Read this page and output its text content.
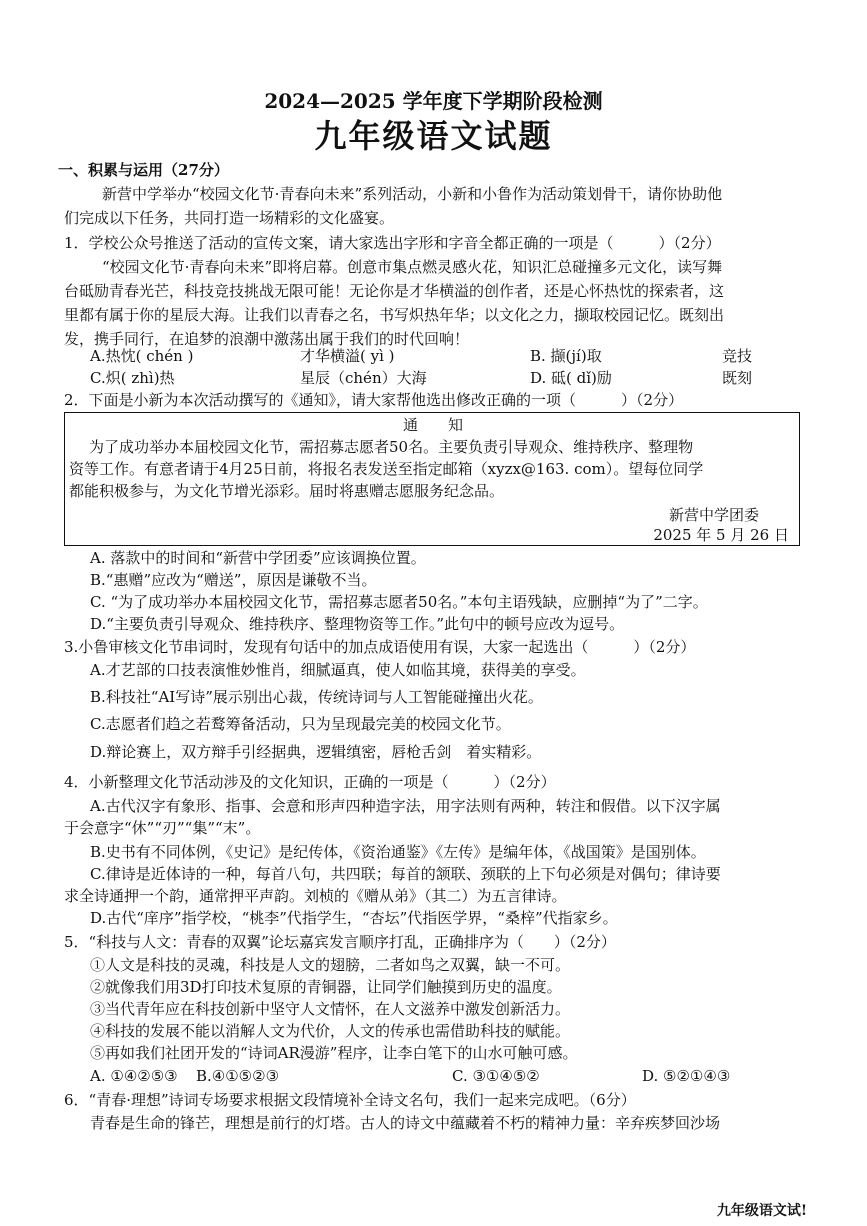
2024—2025 学年度下学期阶段检测
九年级语文试题
一、积累与运用（27分）
新营中学举办“校园文化节·青春向未来”系列活动，小新和小鲁作为活动策划骨干，请你协助他
们完成以下任务，共同打造一场精彩的文化盛宴。
1．学校公众号推送了活动的宣传文案，请大家选出字形和字音全都正确的一项是（　　　）（2分）
“校园文化节·青春向未来”即将启幕。创意市集点燃灵感火花，知识汇总碰撞多元文化，读写舞
台砥励青春光芒，科技竞技挑战无限可能！无论你是才华横溢的创作者，还是心怀热忱的探索者，这
里都有属于你的星辰大海。让我们以青春之名，书写炽热年华；以文化之力，撷取校园记忆。既刻出
发，携手同行，在追梦的浪潮中激荡出属于我们的时代回响！
A.热忱( chén )	才华横溢( yì )	B. 撷(jí)取	竞技
C.炽( zhì)热	星辰（chén）大海	D. 砥( dǐ)励	既刻
2．下面是小新为本次活动撰写的《通知》，请大家帮他选出修改正确的一项（　　　）（2分）
通　　知
为了成功举办本届校园文化节，需招募志愿者50名。主要负责引导观众、维持秩序、整理物
资等工作。有意者请于4月25日前，将报名表发送至指定邮箱（xyzx@163. com）。望每位同学
都能积极参与，为文化节增光添彩。届时将惠赠志愿服务纪念品。
新营中学团委
2025 年 5 月 26 日
A. 落款中的时间和“新营中学团委”应该调换位置。
B.“惠赠”应改为“赠送”，原因是谦敬不当。
C. “为了成功举办本届校园文化节，需招募志愿者50名。”本句主语残缺，应删掉“为了”二字。
D.“主要负责引导观众、维持秩序、整理物资等工作。”此句中的顿号应改为逗号。
3.小鲁审核文化节串词时，发现有句话中的加点成语使用有误，大家一起选出（　　　）（2分）
A.才艺部的口技表演惟妙惟肖，细腻逼真，使人如临其境，获得美的享受。
B.科技社“AI写诗”展示别出心裁，传统诗词与人工智能碰撞出火花。
C.志愿者们趋之若鹜筹备活动，只为呈现最完美的校园文化节。
D.辩论赛上，双方辩手引经据典，逻辑缜密，唇枪舌剑　着实精彩。
4．小新整理文化节活动涉及的文化知识，正确的一项是（　　　）（2分）
A.古代汉字有象形、指事、会意和形声四种造字法，用字法则有两种，转注和假借。以下汉字属
于会意字“休”“刃”“集”“末”。
B.史书有不同体例，《史记》是纪传体，《资治通鉴》《左传》是编年体，《战国策》是国别体。
C.律诗是近体诗的一种，每首八句，共四联；每首的颔联、颈联的上下句必须是对偶句；律诗要
求全诗通押一个韵，通常押平声韵。刘桢的《赠从弟》（其二）为五言律诗。
D.古代“庠序”指学校，“桃李”代指学生，“杏坛”代指医学界，“桑梓”代指家乡。
5．“科技与人文：青春的双翼”论坛嘉宾发言顺序打乱，正确排序为（　　）（2分）
①人文是科技的灵魂，科技是人文的翅膀，二者如鸟之双翼，缺一不可。
②就像我们用3D打印技术复原的青铜器，让同学们触摸到历史的温度。
③当代青年应在科技创新中坚守人文情怀，在人文滋养中激发创新活力。
④科技的发展不能以消解人文为代价，人文的传承也需借助科技的赋能。
⑤再如我们社团开发的“诗词AR漫游”程序，让李白笔下的山水可触可感。
A. ①④②⑤③ B.④①⑤②③	C. ③①④⑤②	D. ⑤②①④③
6．“青春·理想”诗词专场要求根据文段情境补全诗文名句，我们一起来完成吧。（6分）
青春是生命的锋芒，理想是前行的灯塔。古人的诗文中蕴藏着不朽的精神力量：辛弃疾梦回沙场
九年级语文试!
